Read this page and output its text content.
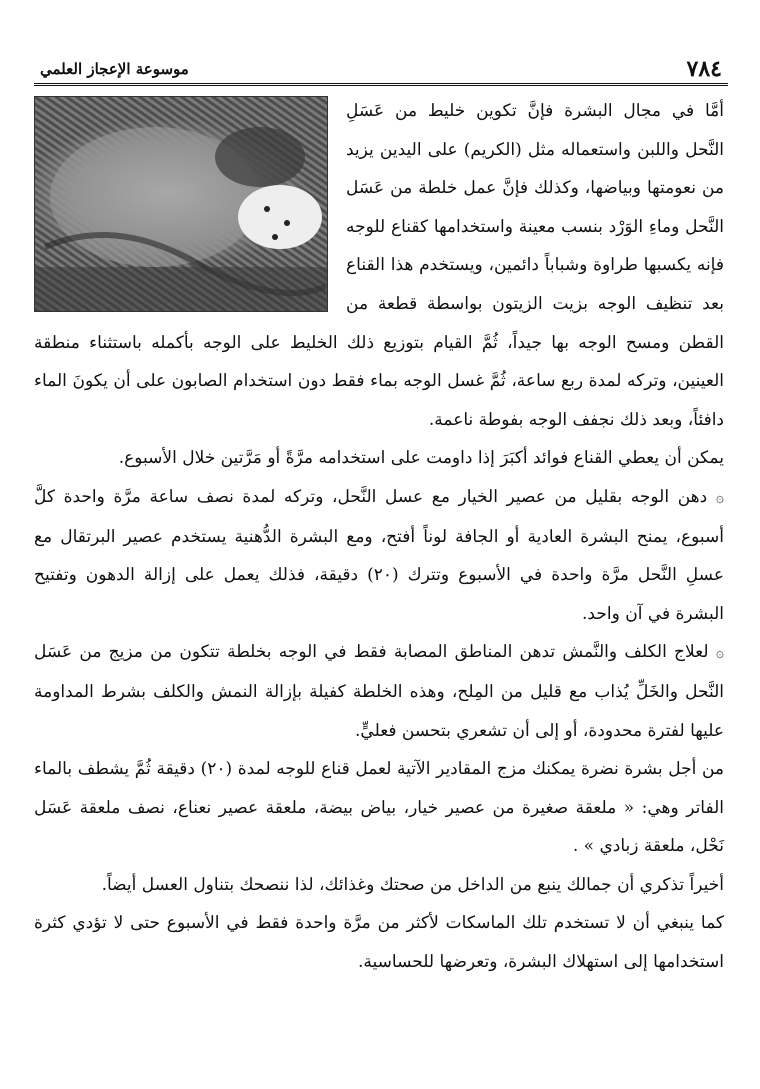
٧٨٤
موسوعة الإعجاز العلمي

أمَّا في مجال البشرة فإنَّ تكوين خليط من عَسَلِ النَّحل واللبن واستعماله مثل (الكريم) على اليدين يزيد من نعومتها وبياضها، وكذلك فإنَّ عمل خلطة من عَسَل النَّحل وماءِ الوَرْد بنسب معينة واستخدامها كقناع للوجه فإنه يكسبها طراوة وشباباً دائمين، ويستخدم هذا القناع بعد تنظيف الوجه بزيت الزيتون بواسطة قطعة من القطن ومسح الوجه بها جيداً، ثُمَّ القيام بتوزيع ذلك الخليط على الوجه بأكمله باستثناء منطقة العينين، وتركه لمدة ربع ساعة، ثُمَّ غسل الوجه بماء فقط دون استخدام الصابون على أن يكونَ الماء دافئاً، وبعد ذلك نجفف الوجه بفوطة ناعمة.

يمكن أن يعطي القناع فوائد أكبَرَ إذا داومت على استخدامه مرَّةً أو مَرَّتين خلال الأسبوع.

۞ دهن الوجه بقليل من عصير الخيار مع عسل النَّحل، وتركه لمدة نصف ساعة مرَّة واحدة كلَّ أسبوع، يمنح البشرة العادية أو الجافة لوناً أفتح، ومع البشرة الدُّهنية يستخدم عصير البرتقال مع عسلِ النَّحل مرَّة واحدة في الأسبوع وتترك (٢٠) دقيقة، فذلك يعمل على إزالة الدهون وتفتيح البشرة في آن واحد.

۞ لعلاج الكلف والنَّمش تدهن المناطق المصابة فقط في الوجه بخلطة تتكون من مزيج من عَسَل النَّحل والخَلِّ يُذاب مع قليل من المِلح، وهذه الخلطة كفيلة بإزالة النمش والكلف بشرط المداومة عليها لفترة محدودة، أو إلى أن تشعري بتحسن فعليٍّ.

من أجل بشرة نضرة يمكنك مزج المقادير الآتية لعمل قناع للوجه لمدة (٢٠) دقيقة ثُمَّ يشطف بالماء الفاتر وهي: « ملعقة صغيرة من عصير خيار، بياض بيضة، ملعقة عصير نعناع، نصف ملعقة عَسَل نَحْل، ملعقة زبادي » .

أخيراً تذكري أن جمالك ينبع من الداخل من صحتك وغذائك، لذا ننصحك بتناول العسل أيضاً.

كما ينبغي أن لا تستخدم تلك الماسكات لأكثر من مرَّة واحدة فقط في الأسبوع حتى لا تؤدي كثرة استخدامها إلى استهلاك البشرة، وتعرضها للحساسية.
